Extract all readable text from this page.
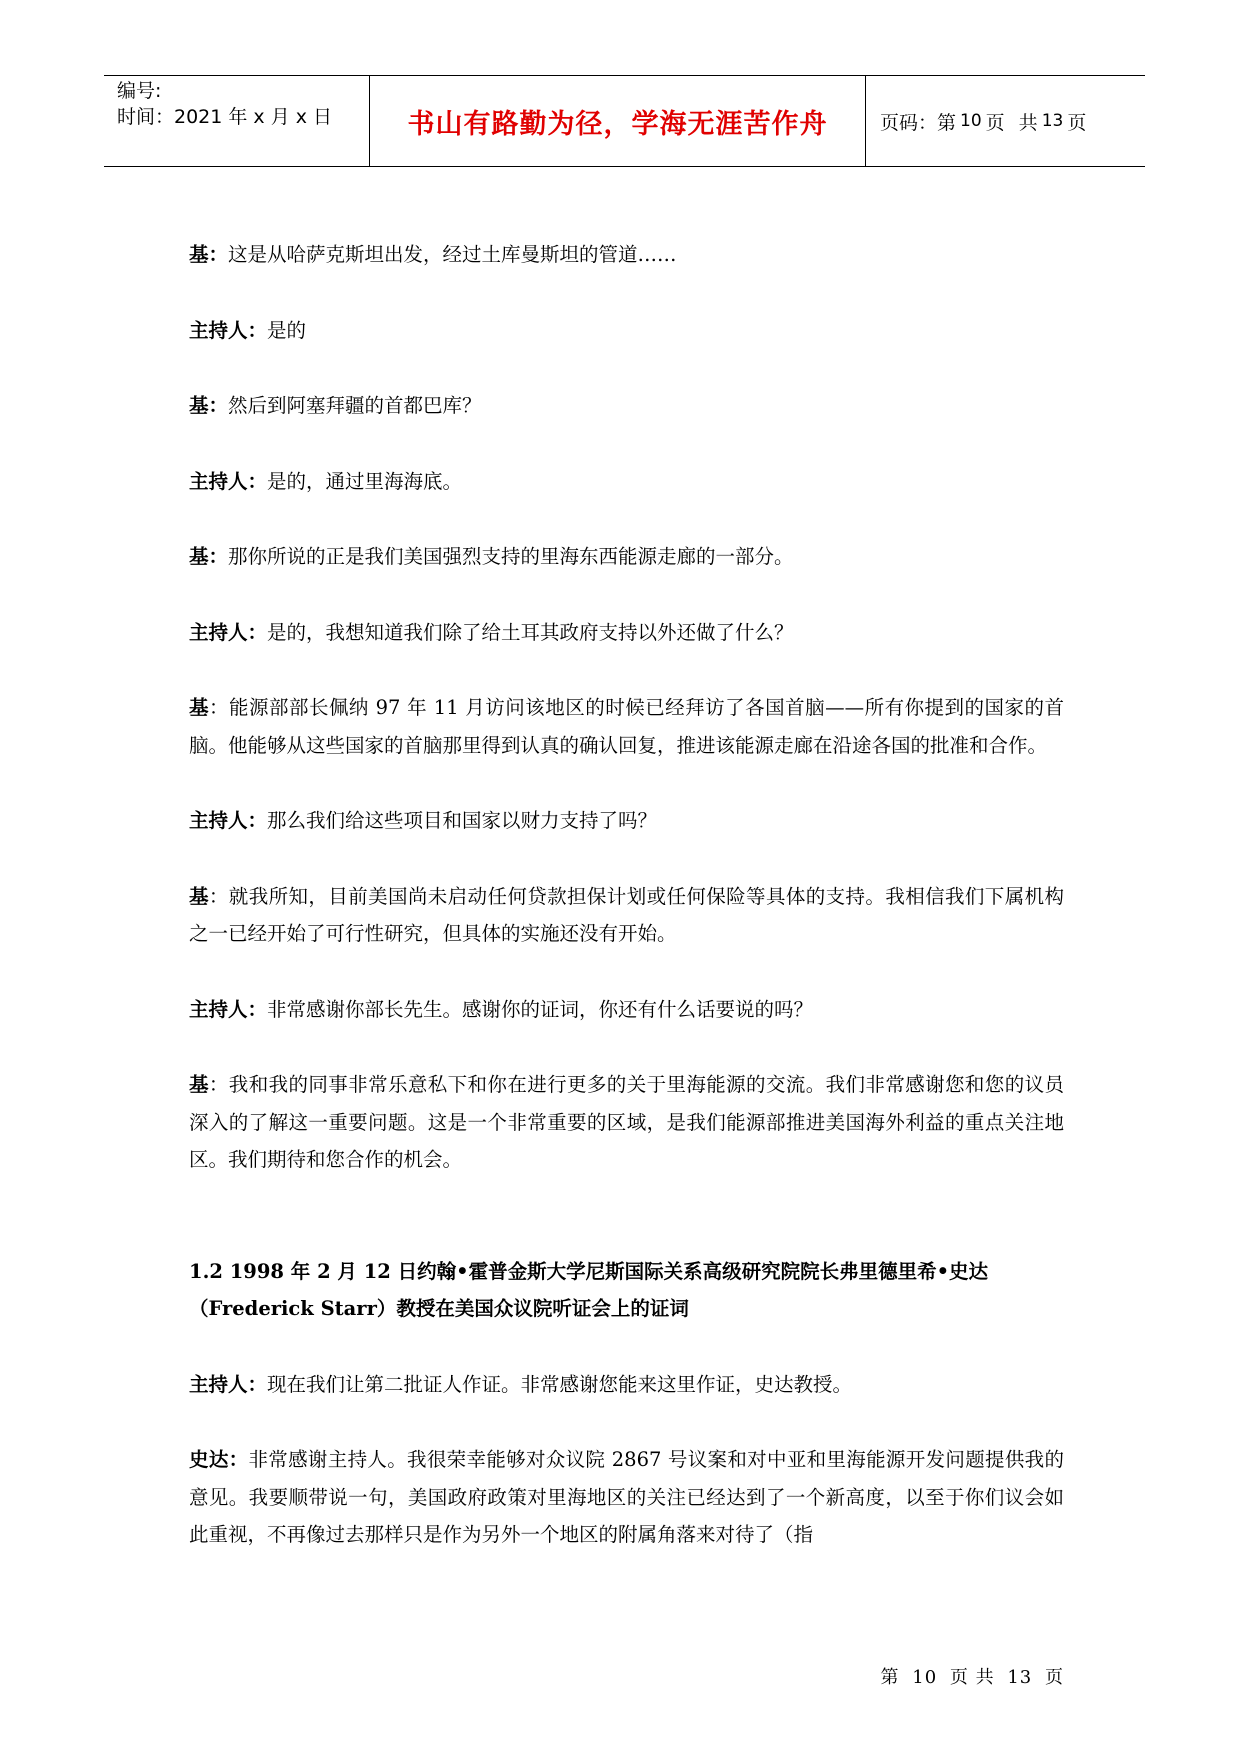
编号:
时间：2021 年 x 月 x 日	书山有路勤为径，学海无涯苦作舟	页码：第 10 页 共 13 页

基：这是从哈萨克斯坦出发，经过土库曼斯坦的管道……

主持人：是的

基：然后到阿塞拜疆的首都巴库？

主持人：是的，通过里海海底。

基：那你所说的正是我们美国强烈支持的里海东西能源走廊的一部分。

主持人：是的，我想知道我们除了给土耳其政府支持以外还做了什么？

基：能源部部长佩纳 97 年 11 月访问该地区的时候已经拜访了各国首脑——所有你提到的国家的首脑。他能够从这些国家的首脑那里得到认真的确认回复，推进该能源走廊在沿途各国的批准和合作。

主持人：那么我们给这些项目和国家以财力支持了吗？

基：就我所知，目前美国尚未启动任何贷款担保计划或任何保险等具体的支持。我相信我们下属机构之一已经开始了可行性研究，但具体的实施还没有开始。

主持人：非常感谢你部长先生。感谢你的证词，你还有什么话要说的吗？

基：我和我的同事非常乐意私下和你在进行更多的关于里海能源的交流。我们非常感谢您和您的议员深入的了解这一重要问题。这是一个非常重要的区域，是我们能源部推进美国海外利益的重点关注地区。我们期待和您合作的机会。

1.2 1998 年 2 月 12 日约翰•霍普金斯大学尼斯国际关系高级研究院院长弗里德里希•史达（Frederick Starr）教授在美国众议院听证会上的证词

主持人：现在我们让第二批证人作证。非常感谢您能来这里作证，史达教授。

史达：非常感谢主持人。我很荣幸能够对众议院 2867 号议案和对中亚和里海能源开发问题提供我的意见。我要顺带说一句，美国政府政策对里海地区的关注已经达到了一个新高度，以至于你们议会如此重视，不再像过去那样只是作为另外一个地区的附属角落来对待了（指

第 10 页 共 13 页
